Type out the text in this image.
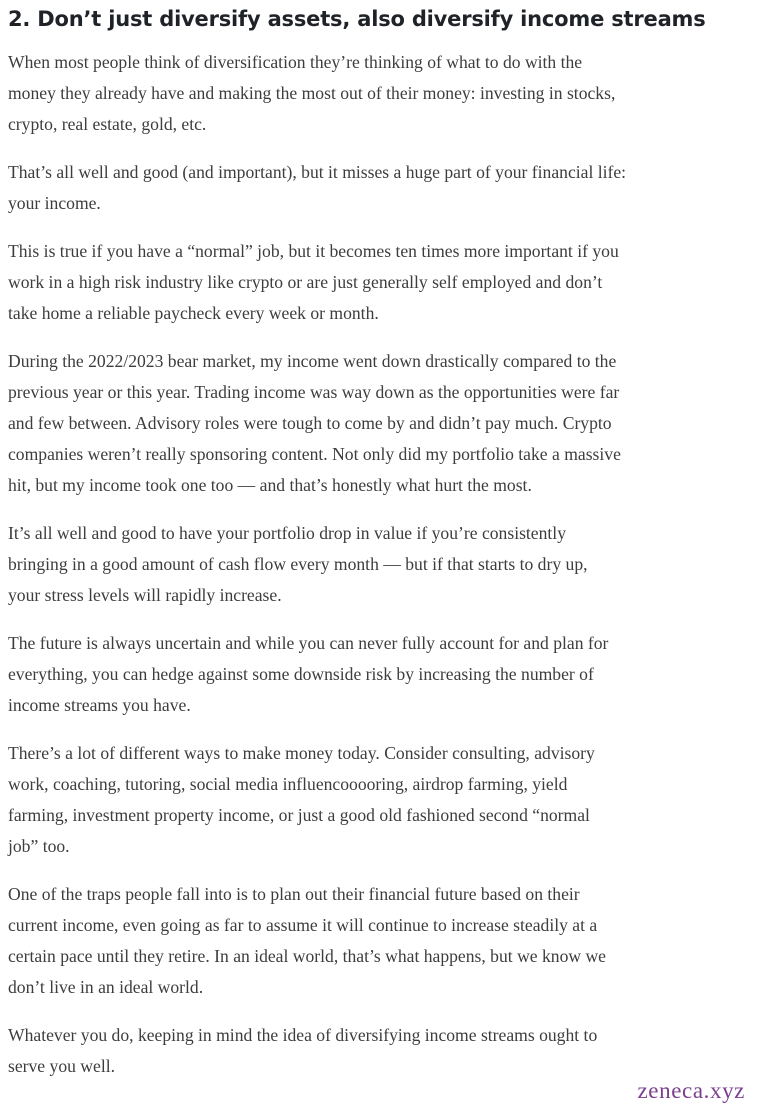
2. Don’t just diversify assets, also diversify income streams

When most people think of diversification they’re thinking of what to do with the
money they already have and making the most out of their money: investing in stocks,
crypto, real estate, gold, etc.

That’s all well and good (and important), but it misses a huge part of your financial life:
your income.

This is true if you have a “normal” job, but it becomes ten times more important if you
work in a high risk industry like crypto or are just generally self employed and don’t
take home a reliable paycheck every week or month.

During the 2022/2023 bear market, my income went down drastically compared to the
previous year or this year. Trading income was way down as the opportunities were far
and few between. Advisory roles were tough to come by and didn’t pay much. Crypto
companies weren’t really sponsoring content. Not only did my portfolio take a massive
hit, but my income took one too — and that’s honestly what hurt the most.

It’s all well and good to have your portfolio drop in value if you’re consistently
bringing in a good amount of cash flow every month — but if that starts to dry up,
your stress levels will rapidly increase.

The future is always uncertain and while you can never fully account for and plan for
everything, you can hedge against some downside risk by increasing the number of
income streams you have.

There’s a lot of different ways to make money today. Consider consulting, advisory
work, coaching, tutoring, social media influencooooring, airdrop farming, yield
farming, investment property income, or just a good old fashioned second “normal
job” too.

One of the traps people fall into is to plan out their financial future based on their
current income, even going as far to assume it will continue to increase steadily at a
certain pace until they retire. In an ideal world, that’s what happens, but we know we
don’t live in an ideal world.

Whatever you do, keeping in mind the idea of diversifying income streams ought to
serve you well.

zeneca.xyz
